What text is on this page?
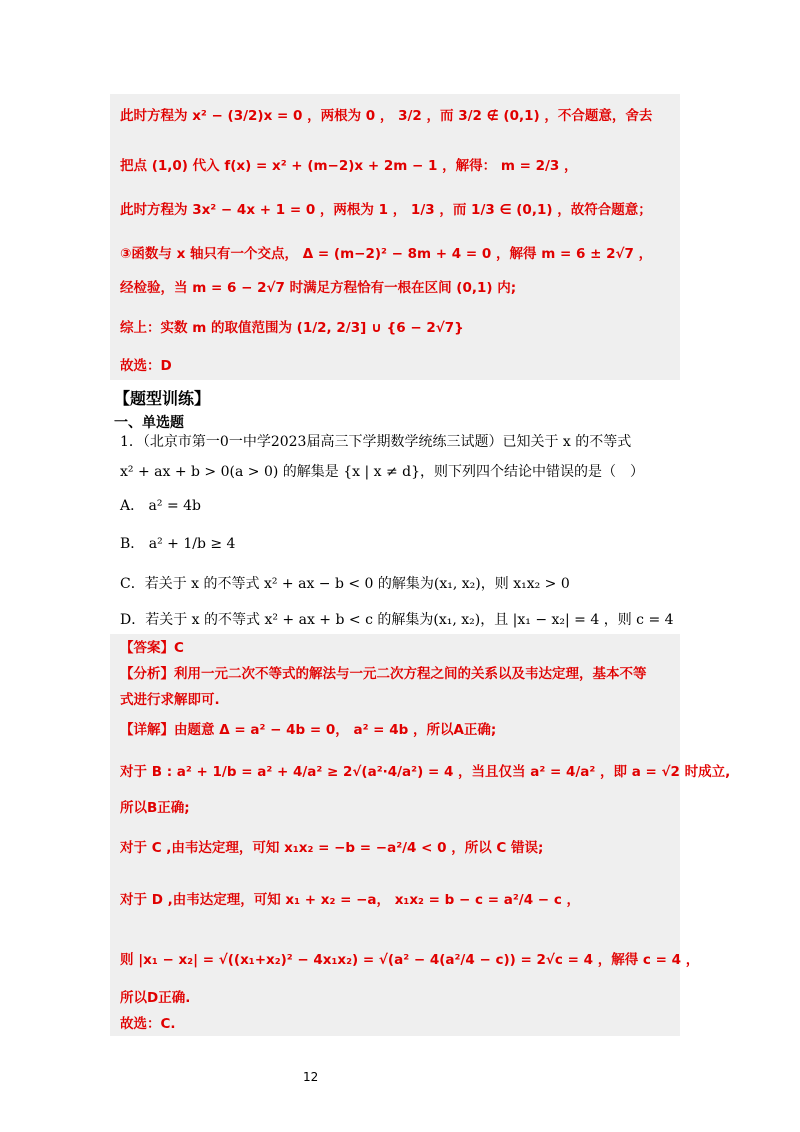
此时方程为 x² − (3/2)x = 0 ，两根为 0 ， 3/2 ，而 3/2 ∉ (0,1) ，不合题意，舍去
把点 (1,0) 代入 f(x) = x² + (m−2)x + 2m − 1 ，解得： m = 2/3 ，
此时方程为 3x² − 4x + 1 = 0 ，两根为 1 ， 1/3 ，而 1/3 ∈ (0,1) ，故符合题意；
③函数与 x 轴只有一个交点， Δ = (m−2)² − 8m + 4 = 0 ，解得 m = 6 ± 2√7 ，
经检验，当 m = 6 − 2√7 时满足方程恰有一根在区间 (0,1) 内;
综上：实数 m 的取值范围为 (1/2, 2/3] ∪ {6 − 2√7}
故选：D
【题型训练】
一、单选题
1．（北京市第一0一中学2023届高三下学期数学统练三试题）已知关于 x 的不等式
x² + ax + b > 0(a > 0) 的解集是 {x | x ≠ d}，则下列四个结论中错误的是（　）
A． a² = 4b
B． a² + 1/b ≥ 4
C．若关于 x 的不等式 x² + ax − b < 0 的解集为(x₁, x₂)，则 x₁x₂ > 0
D．若关于 x 的不等式 x² + ax + b < c 的解集为(x₁, x₂)，且 |x₁ − x₂| = 4 ，则 c = 4
【答案】C
【分析】利用一元二次不等式的解法与一元二次方程之间的关系以及韦达定理，基本不等
式进行求解即可.
【详解】由题意 Δ = a² − 4b = 0， a² = 4b ，所以A正确;
对于 B : a² + 1/b = a² + 4/a² ≥ 2√(a²·4/a²) = 4 ，当且仅当 a² = 4/a² ，即 a = √2 时成立,
所以B正确;
对于 C ,由韦达定理，可知 x₁x₂ = −b = −a²/4 < 0 ，所以 C 错误;
对于 D ,由韦达定理，可知 x₁ + x₂ = −a， x₁x₂ = b − c = a²/4 − c ，
则 |x₁ − x₂| = √((x₁+x₂)² − 4x₁x₂) = √(a² − 4(a²/4 − c)) = 2√c = 4 ，解得 c = 4 ，
所以D正确.
故选：C.
12
